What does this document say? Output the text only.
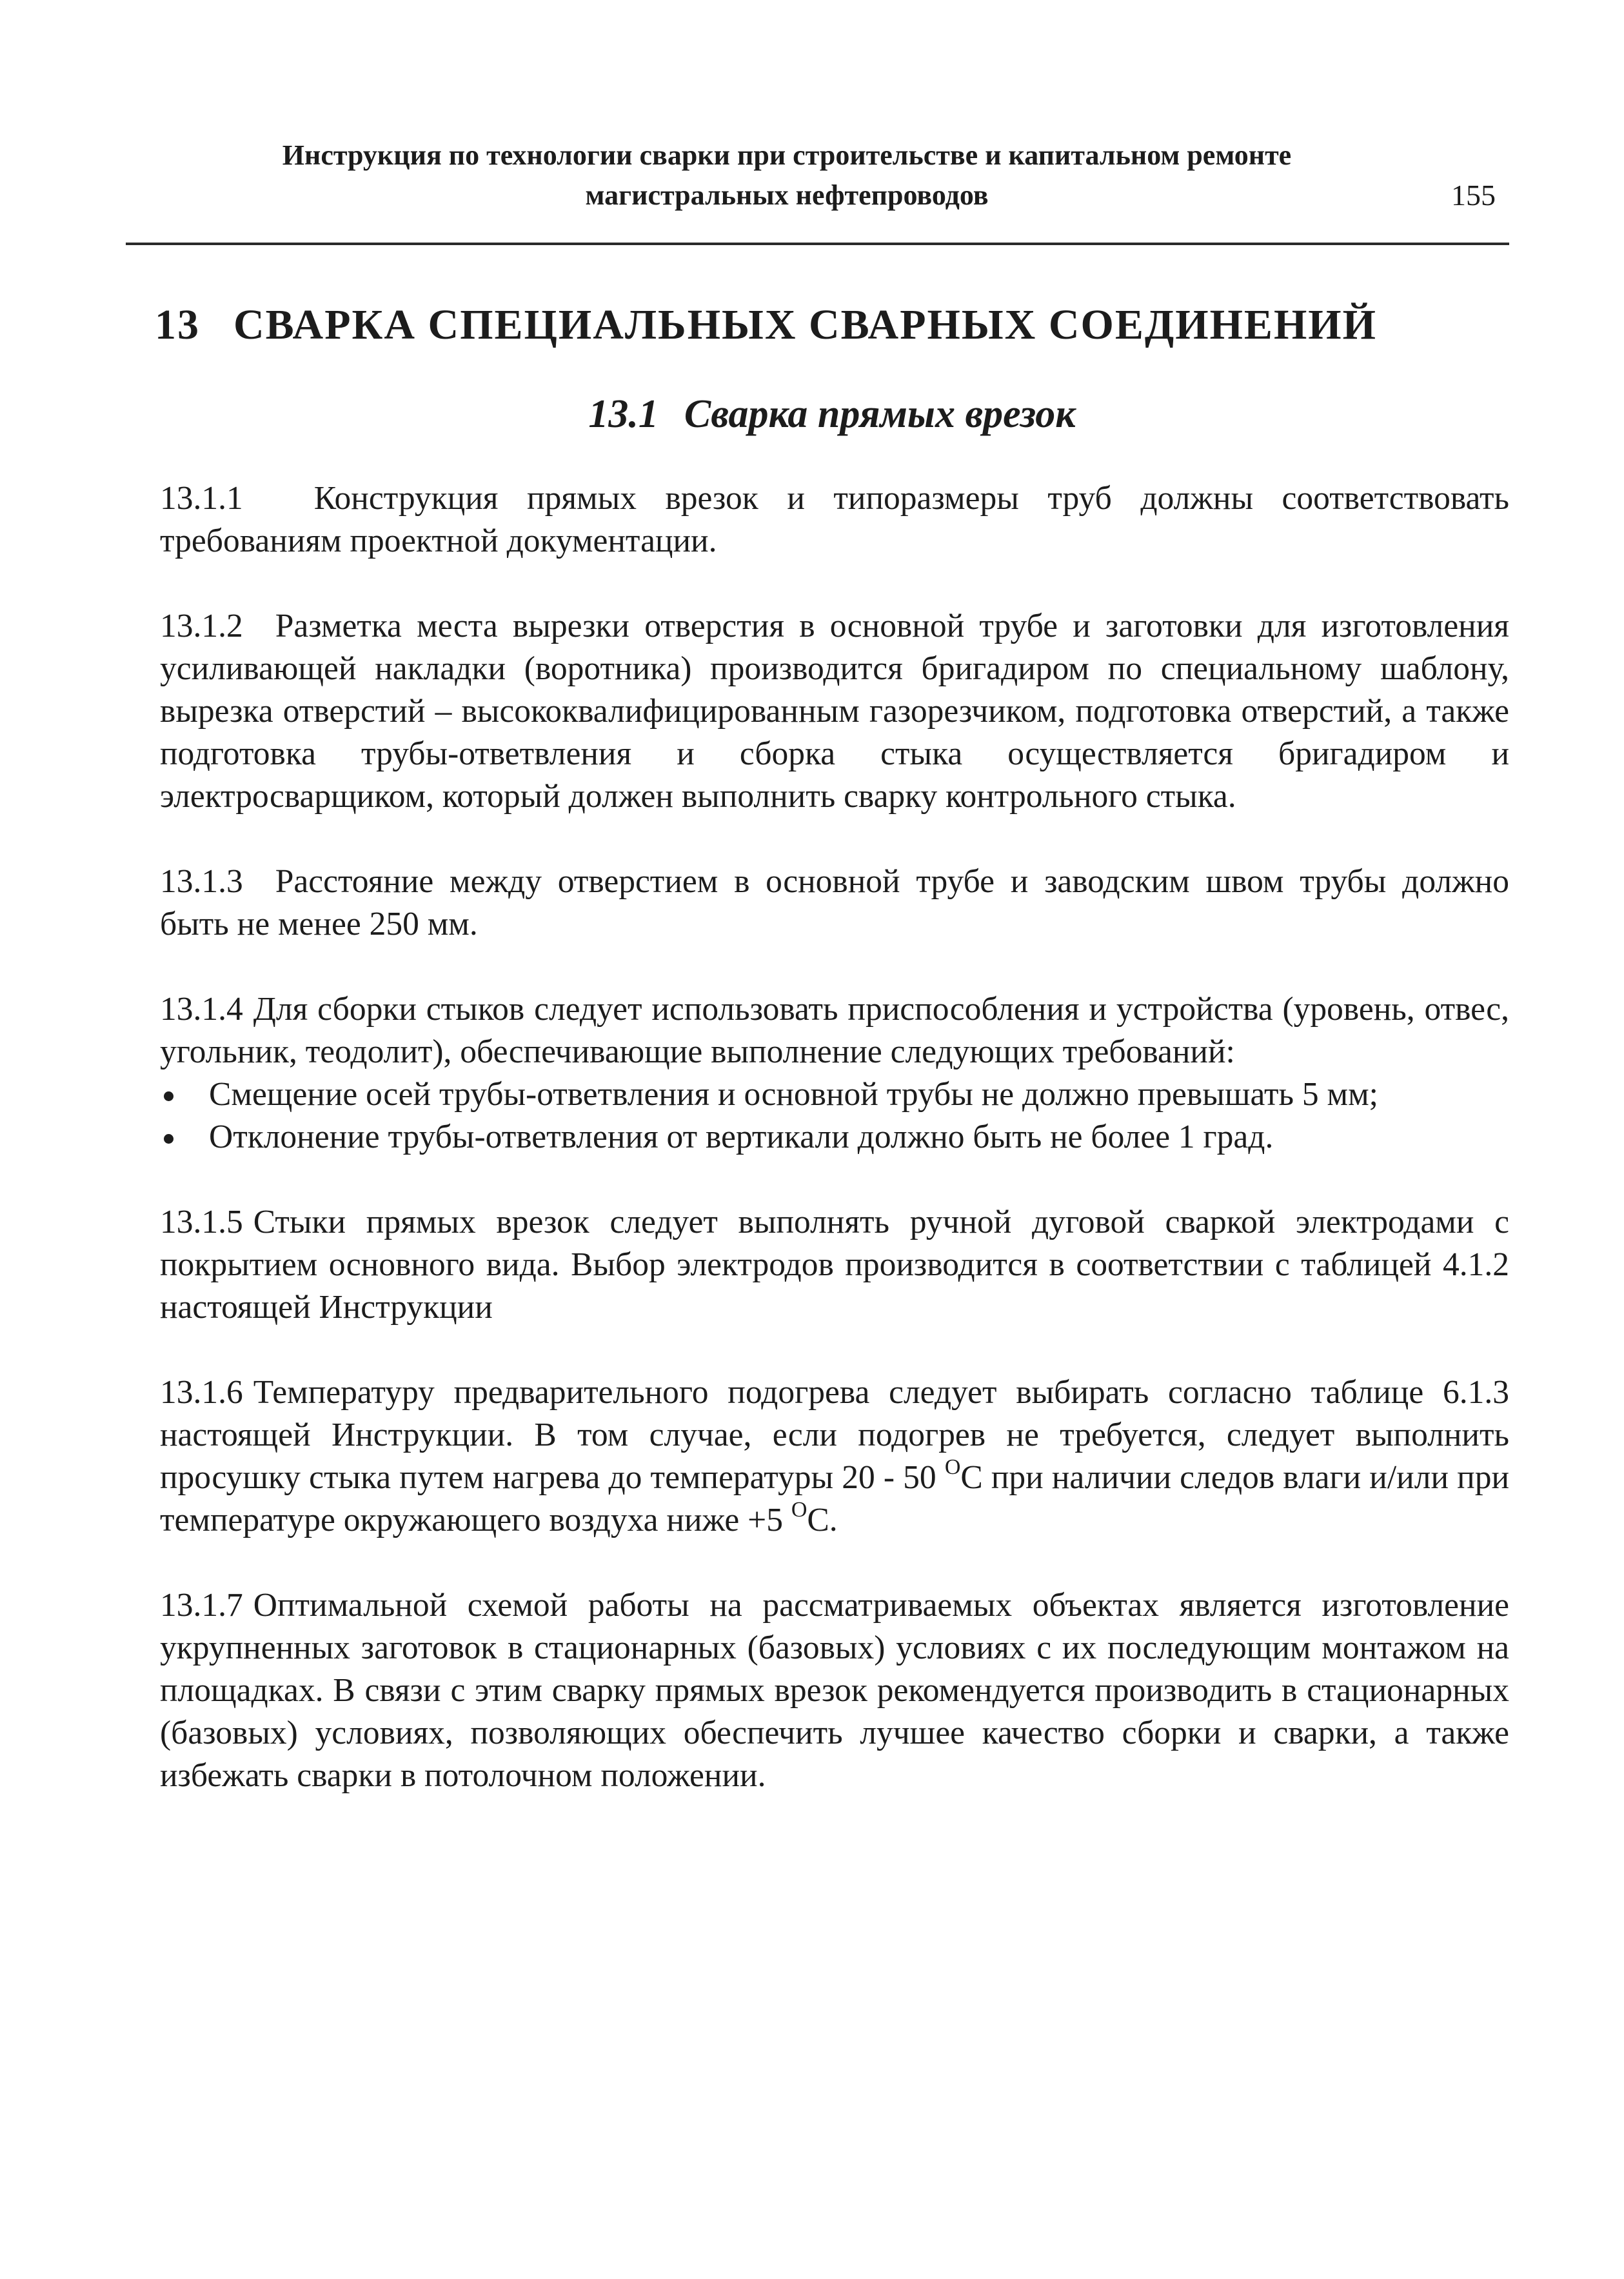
Инструкция по технологии сварки при строительстве и капитальном ремонте
магистральных нефтепроводов	155
13 СВАРКА СПЕЦИАЛЬНЫХ СВАРНЫХ СОЕДИНЕНИЙ
13.1 Сварка прямых врезок

13.1.1 Конструкция прямых врезок и типоразмеры труб должны соответствовать требованиям проектной документации.

13.1.2 Разметка места вырезки отверстия в основной трубе и заготовки для изготовления усиливающей накладки (воротника) производится бригадиром по специальному шаблону, вырезка отверстий – высококвалифицированным газорезчиком, подготовка отверстий, а также подготовка трубы-ответвления и сборка стыка осуществляется бригадиром и электросварщиком, который должен выполнить сварку контрольного стыка.

13.1.3 Расстояние между отверстием в основной трубе и заводским швом трубы должно быть не менее 250 мм.

13.1.4 Для сборки стыков следует использовать приспособления и устройства (уровень, отвес, угольник, теодолит), обеспечивающие выполнение следующих требований:

Смещение осей трубы-ответвления и основной трубы не должно превышать 5 мм;
Отклонение трубы-ответвления от вертикали должно быть не более 1 град.

13.1.5 Стыки прямых врезок следует выполнять ручной дуговой сваркой электродами с покрытием основного вида. Выбор электродов производится в соответствии с таблицей 4.1.2 настоящей Инструкции

13.1.6 Температуру предварительного подогрева следует выбирать согласно таблице 6.1.3 настоящей Инструкции. В том случае, если подогрев не требуется, следует выполнить просушку стыка путем нагрева до температуры 20 - 50 $^О$С при наличии следов влаги и/или при температуре окружающего воздуха ниже +5 $^О$С.

13.1.7 Оптимальной схемой работы на рассматриваемых объектах является изготовление укрупненных заготовок в стационарных (базовых) условиях с их последующим монтажом на площадках. В связи с этим сварку прямых врезок рекомендуется производить в стационарных (базовых) условиях, позволяющих обеспечить лучшее качество сборки и сварки, а также избежать сварки в потолочном положении.
